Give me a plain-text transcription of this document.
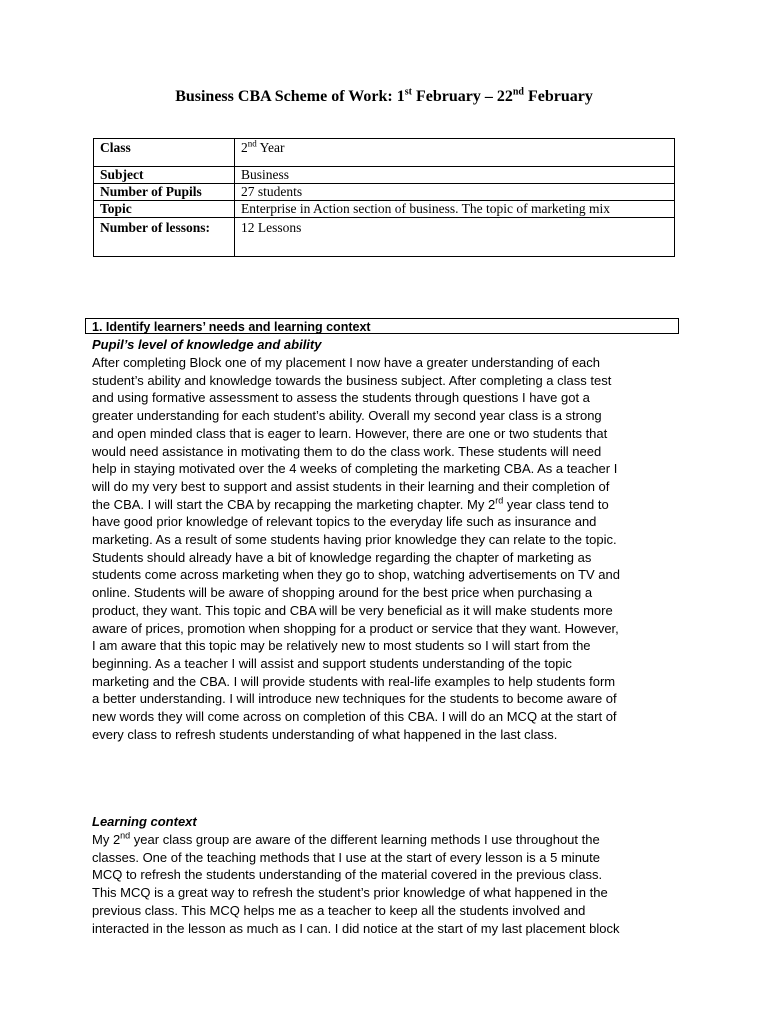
Business CBA Scheme of Work: 1st February – 22nd February
Class	2nd Year
Subject	Business
Number of Pupils	27 students
Topic	Enterprise in Action section of business. The topic of marketing mix
Number of lessons:	12 Lessons
1. Identify learners’ needs and learning context
Pupil’s level of knowledge and ability
After completing Block one of my placement I now have a greater understanding of each
student’s ability and knowledge towards the business subject. After completing a class test
and using formative assessment to assess the students through questions I have got a
greater understanding for each student’s ability. Overall my second year class is a strong
and open minded class that is eager to learn. However, there are one or two students that
would need assistance in motivating them to do the class work. These students will need
help in staying motivated over the 4 weeks of completing the marketing CBA. As a teacher I
will do my very best to support and assist students in their learning and their completion of
the CBA. I will start the CBA by recapping the marketing chapter. My 2rd year class tend to
have good prior knowledge of relevant topics to the everyday life such as insurance and
marketing. As a result of some students having prior knowledge they can relate to the topic.
Students should already have a bit of knowledge regarding the chapter of marketing as
students come across marketing when they go to shop, watching advertisements on TV and
online. Students will be aware of shopping around for the best price when purchasing a
product, they want. This topic and CBA will be very beneficial as it will make students more
aware of prices, promotion when shopping for a product or service that they want. However,
I am aware that this topic may be relatively new to most students so I will start from the
beginning. As a teacher I will assist and support students understanding of the topic
marketing and the CBA. I will provide students with real-life examples to help students form
a better understanding. I will introduce new techniques for the students to become aware of
new words they will come across on completion of this CBA. I will do an MCQ at the start of
every class to refresh students understanding of what happened in the last class.
Learning context
My 2nd year class group are aware of the different learning methods I use throughout the
classes. One of the teaching methods that I use at the start of every lesson is a 5 minute
MCQ to refresh the students understanding of the material covered in the previous class.
This MCQ is a great way to refresh the student’s prior knowledge of what happened in the
previous class. This MCQ helps me as a teacher to keep all the students involved and
interacted in the lesson as much as I can. I did notice at the start of my last placement block
